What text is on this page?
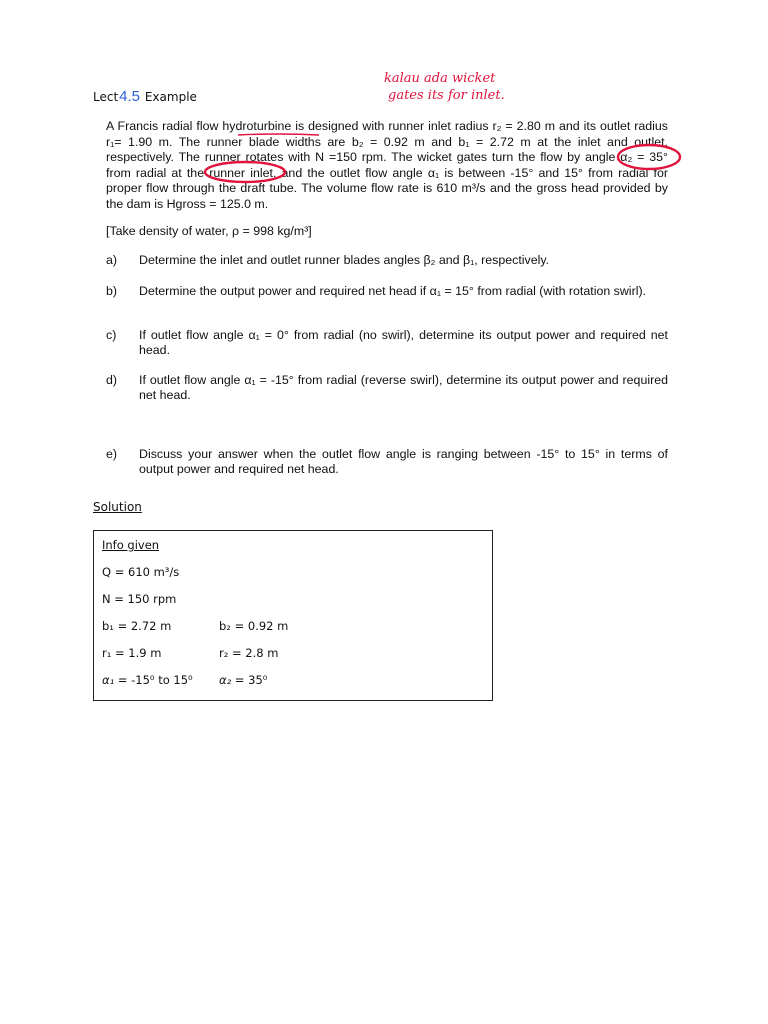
Lect4.5 Example
kalau ada wicket
gates its for inlet.
A Francis radial flow hydroturbine is designed with runner inlet radius r₂ = 2.80 m and its outlet radius r₁= 1.90 m. The runner blade widths are b₂ = 0.92 m and b₁ = 2.72 m at the inlet and outlet, respectively. The runner rotates with N =150 rpm. The wicket gates turn the flow by angle α₂ = 35° from radial at the runner inlet, and the outlet flow angle α₁ is between -15° and 15° from radial for proper flow through the draft tube. The volume flow rate is 610 m³/s and the gross head provided by the dam is Hgross = 125.0 m.
[Take density of water, ρ = 998 kg/m³]
a)	Determine the inlet and outlet runner blades angles β₂ and β₁, respectively.
b)	Determine the output power and required net head if α₁ = 15° from radial (with rotation swirl).
c)	If outlet flow angle α₁ = 0° from radial (no swirl), determine its output power and required net head.
d)	If outlet flow angle α₁ = -15° from radial (reverse swirl), determine its output power and required net head.
e)	Discuss your answer when the outlet flow angle is ranging between -15° to 15° in terms of output power and required net head.
Solution
Info given
Q = 610 m³/s
N = 150 rpm
b₁ = 2.72 m	b₂ = 0.92 m
r₁ = 1.9 m	r₂ = 2.8 m
α₁ = -15⁰ to 15⁰ α₂ = 35⁰
